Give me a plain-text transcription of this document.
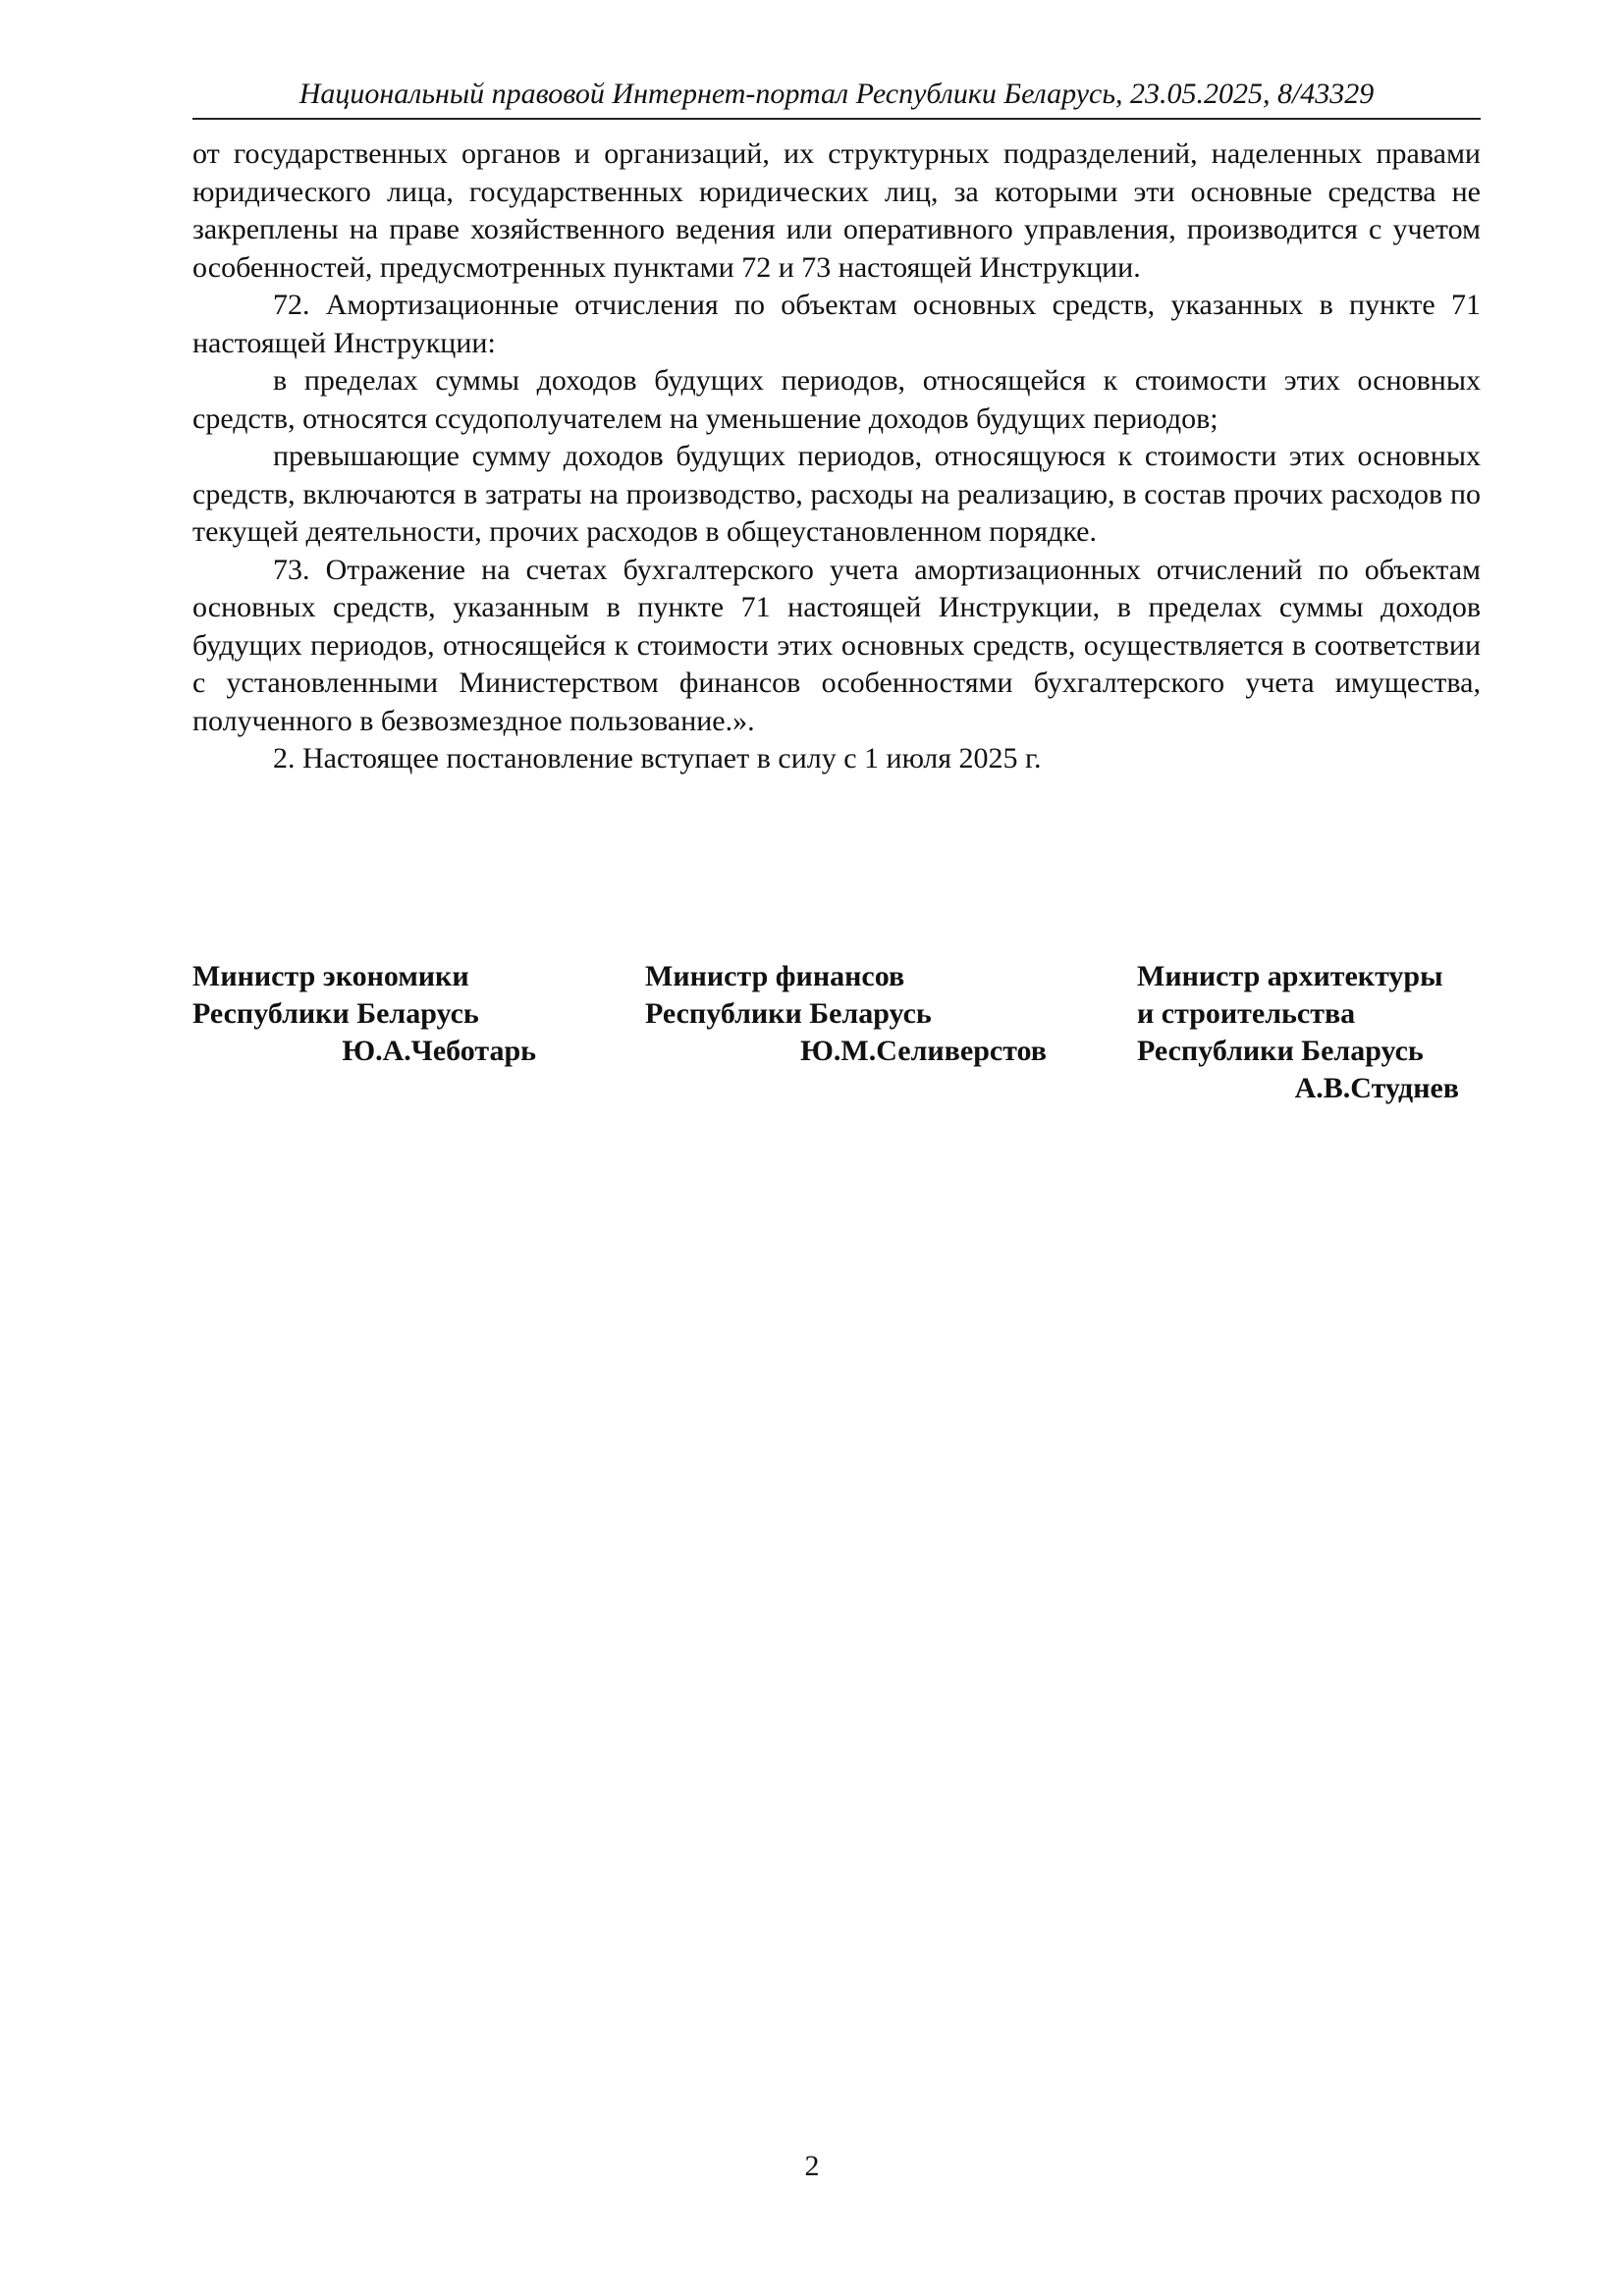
Национальный правовой Интернет-портал Республики Беларусь, 23.05.2025, 8/43329

от государственных органов и организаций, их структурных подразделений, наделенных правами юридического лица, государственных юридических лиц, за которыми эти основные средства не закреплены на праве хозяйственного ведения или оперативного управления, производится с учетом особенностей, предусмотренных пунктами 72 и 73 настоящей Инструкции.

72. Амортизационные отчисления по объектам основных средств, указанных в пункте 71 настоящей Инструкции:

в пределах суммы доходов будущих периодов, относящейся к стоимости этих основных средств, относятся ссудополучателем на уменьшение доходов будущих периодов;

превышающие сумму доходов будущих периодов, относящуюся к стоимости этих основных средств, включаются в затраты на производство, расходы на реализацию, в состав прочих расходов по текущей деятельности, прочих расходов в общеустановленном порядке.

73. Отражение на счетах бухгалтерского учета амортизационных отчислений по объектам основных средств, указанным в пункте 71 настоящей Инструкции, в пределах суммы доходов будущих периодов, относящейся к стоимости этих основных средств, осуществляется в соответствии с установленными Министерством финансов особенностями бухгалтерского учета имущества, полученного в безвозмездное пользование.».

2. Настоящее постановление вступает в силу с 1 июля 2025 г.

Министр экономики
Республики Беларусь
Ю.А.Чеботарь
Министр финансов
Республики Беларусь
Ю.М.Селиверстов
Министр архитектуры
и строительства
Республики Беларусь
А.В.Студнев
2
